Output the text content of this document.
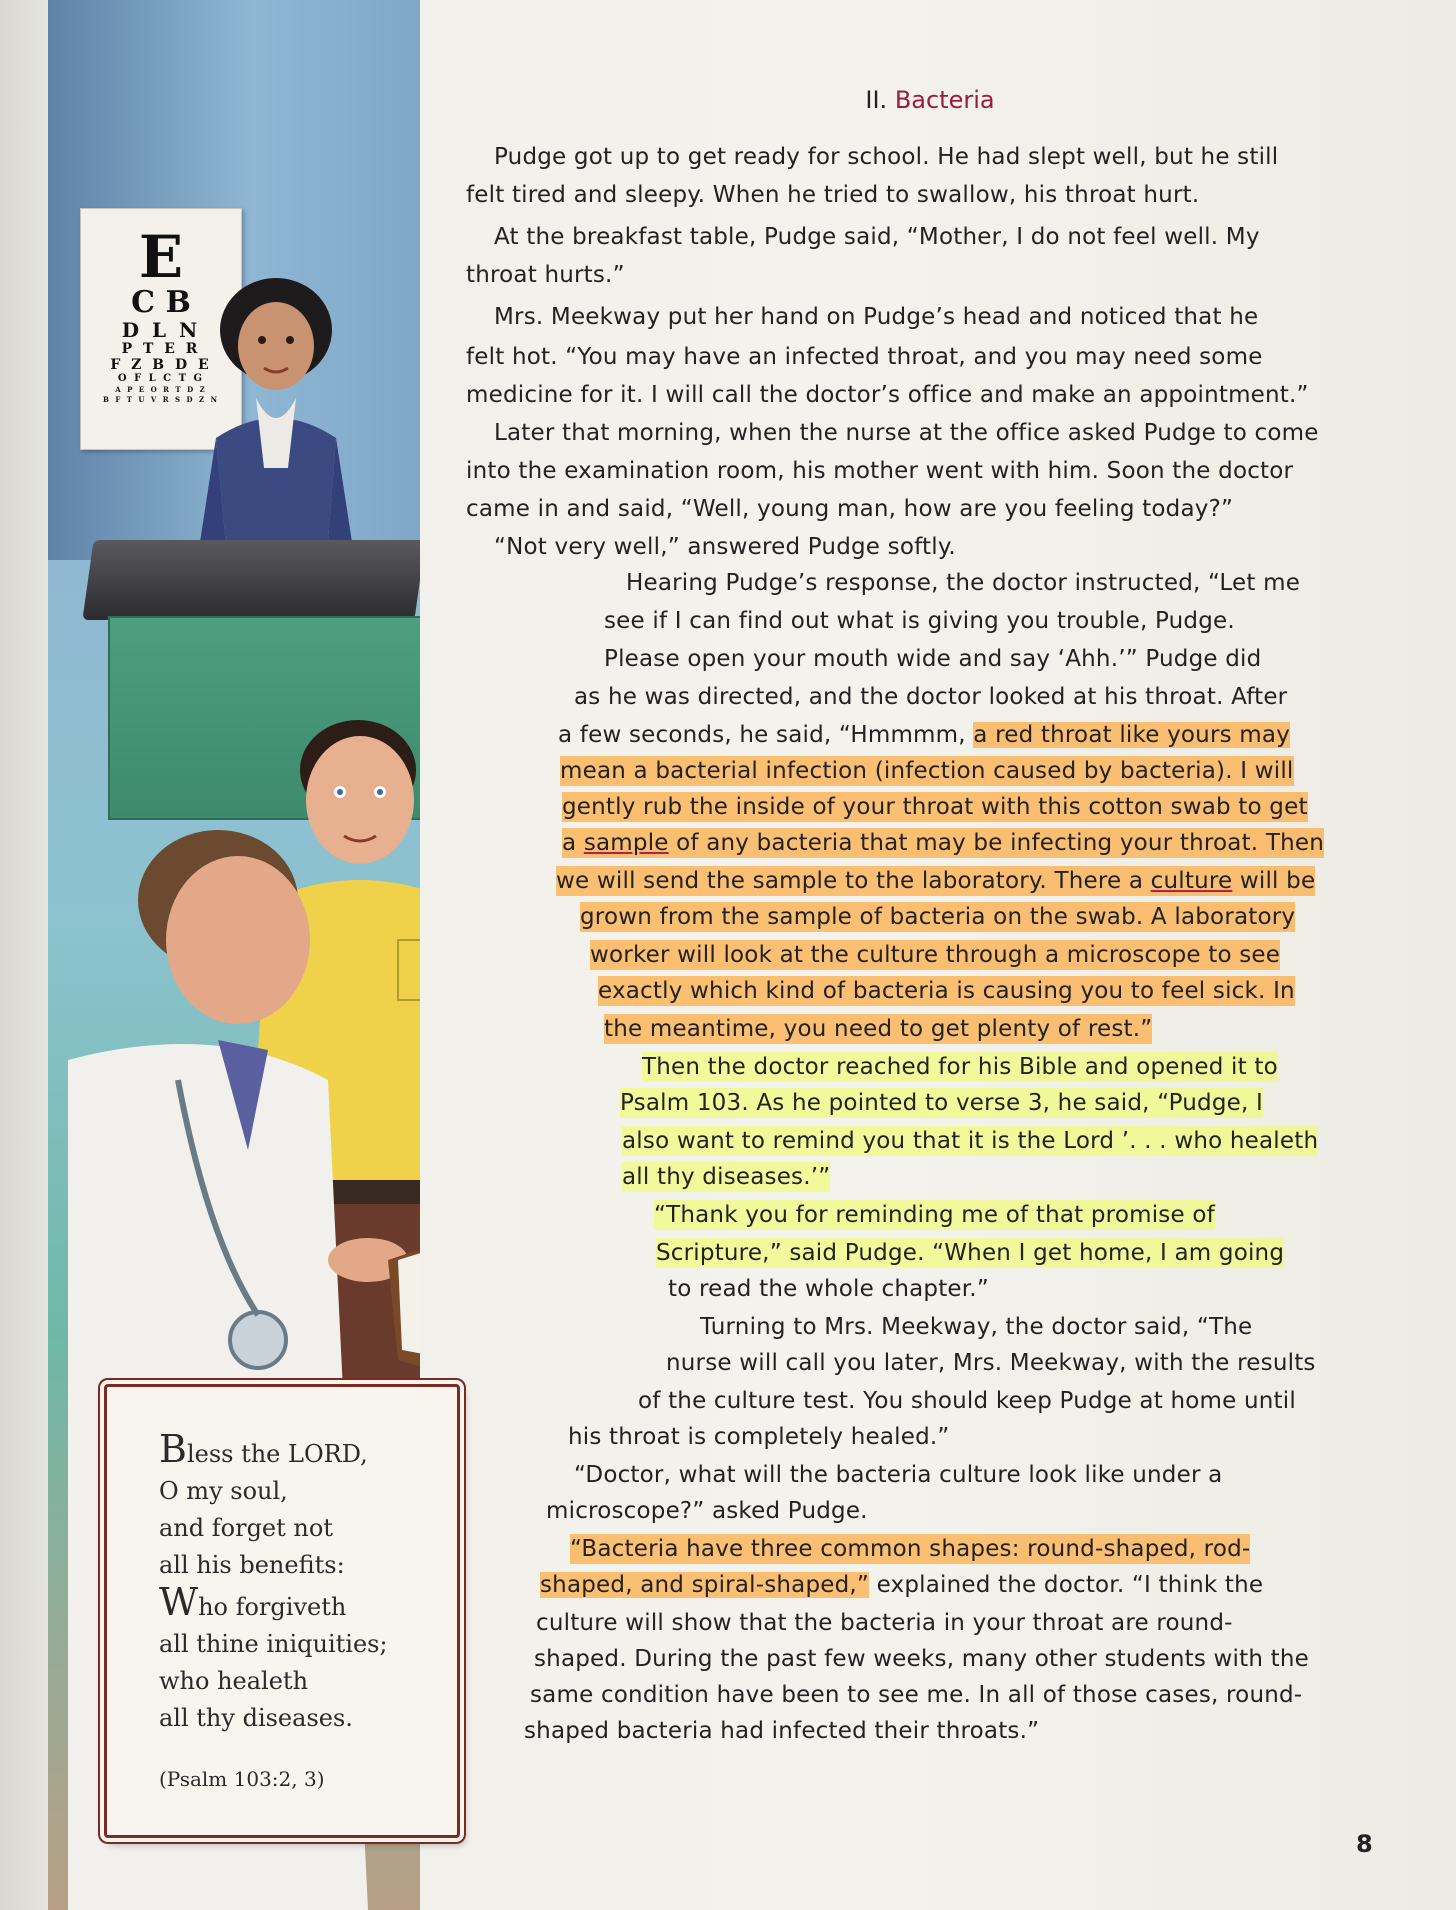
E
C B
D L N
P T E R
F Z B D E
O F L C T G
A P E O R T D Z
B F T U V R S D Z N
Bless the LORD,
O my soul,
and forget not
all his benefits:
Who forgiveth
all thine iniquities;
who healeth
all thy diseases.
(Psalm 103:2, 3)
II. Bacteria
Pudge got up to get ready for school. He had slept well, but he still
felt tired and sleepy. When he tried to swallow, his throat hurt.
At the breakfast table, Pudge said, “Mother, I do not feel well. My
throat hurts.”
Mrs. Meekway put her hand on Pudge’s head and noticed that he
felt hot. “You may have an infected throat, and you may need some
medicine for it. I will call the doctor’s office and make an appointment.”
Later that morning, when the nurse at the office asked Pudge to come
into the examination room, his mother went with him. Soon the doctor
came in and said, “Well, young man, how are you feeling today?”
“Not very well,” answered Pudge softly.
Hearing Pudge’s response, the doctor instructed, “Let me
see if I can find out what is giving you trouble, Pudge.
Please open your mouth wide and say ‘Ahh.’” Pudge did
as he was directed, and the doctor looked at his throat. After
a few seconds, he said, “Hmmmm, a red throat like yours may
mean a bacterial infection (infection caused by bacteria). I will
gently rub the inside of your throat with this cotton swab to get
a sample of any bacteria that may be infecting your throat. Then
we will send the sample to the laboratory. There a culture will be
grown from the sample of bacteria on the swab. A laboratory
worker will look at the culture through a microscope to see
exactly which kind of bacteria is causing you to feel sick. In
the meantime, you need to get plenty of rest.”
Then the doctor reached for his Bible and opened it to
Psalm 103. As he pointed to verse 3, he said, “Pudge, I
also want to remind you that it is the Lord ’. . . who healeth
all thy diseases.’”
“Thank you for reminding me of that promise of
Scripture,” said Pudge. “When I get home, I am going
to read the whole chapter.”
Turning to Mrs. Meekway, the doctor said, “The
nurse will call you later, Mrs. Meekway, with the results
of the culture test. You should keep Pudge at home until
his throat is completely healed.”
“Doctor, what will the bacteria culture look like under a
microscope?” asked Pudge.
“Bacteria have three common shapes: round-shaped, rod-
shaped, and spiral-shaped,” explained the doctor. “I think the
culture will show that the bacteria in your throat are round-
shaped. During the past few weeks, many other students with the
same condition have been to see me. In all of those cases, round-
shaped bacteria had infected their throats.”
8
